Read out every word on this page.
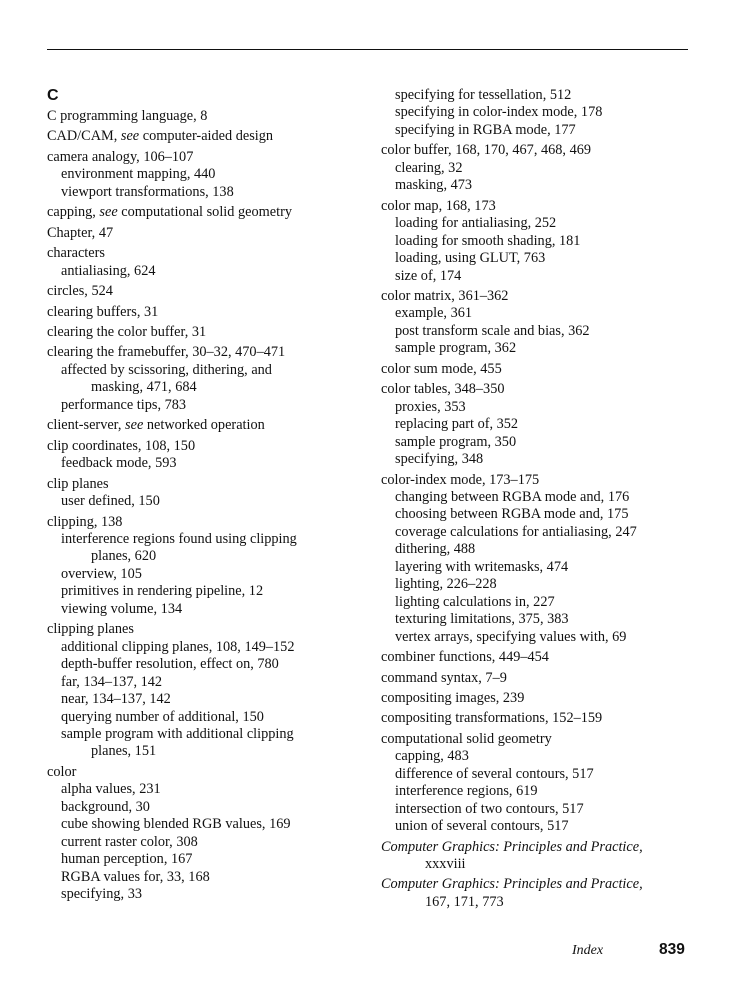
C
C programming language, 8
CAD/CAM, see computer-aided design
camera analogy, 106–107
environment mapping, 440
viewport transformations, 138
capping, see computational solid geometry
Chapter, 47
characters
antialiasing, 624
circles, 524
clearing buffers, 31
clearing the color buffer, 31
clearing the framebuffer, 30–32, 470–471
affected by scissoring, dithering, and
masking, 471, 684
performance tips, 783
client-server, see networked operation
clip coordinates, 108, 150
feedback mode, 593
clip planes
user defined, 150
clipping, 138
interference regions found using clipping
planes, 620
overview, 105
primitives in rendering pipeline, 12
viewing volume, 134
clipping planes
additional clipping planes, 108, 149–152
depth-buffer resolution, effect on, 780
far, 134–137, 142
near, 134–137, 142
querying number of additional, 150
sample program with additional clipping
planes, 151
color
alpha values, 231
background, 30
cube showing blended RGB values, 169
current raster color, 308
human perception, 167
RGBA values for, 33, 168
specifying, 33
specifying for tessellation, 512
specifying in color-index mode, 178
specifying in RGBA mode, 177
color buffer, 168, 170, 467, 468, 469
clearing, 32
masking, 473
color map, 168, 173
loading for antialiasing, 252
loading for smooth shading, 181
loading, using GLUT, 763
size of, 174
color matrix, 361–362
example, 361
post transform scale and bias, 362
sample program, 362
color sum mode, 455
color tables, 348–350
proxies, 353
replacing part of, 352
sample program, 350
specifying, 348
color-index mode, 173–175
changing between RGBA mode and, 176
choosing between RGBA mode and, 175
coverage calculations for antialiasing, 247
dithering, 488
layering with writemasks, 474
lighting, 226–228
lighting calculations in, 227
texturing limitations, 375, 383
vertex arrays, specifying values with, 69
combiner functions, 449–454
command syntax, 7–9
compositing images, 239
compositing transformations, 152–159
computational solid geometry
capping, 483
difference of several contours, 517
interference regions, 619
intersection of two contours, 517
union of several contours, 517
Computer Graphics: Principles and Practice,
xxxviii
Computer Graphics: Principles and Practice,
167, 171, 773
Index	839
